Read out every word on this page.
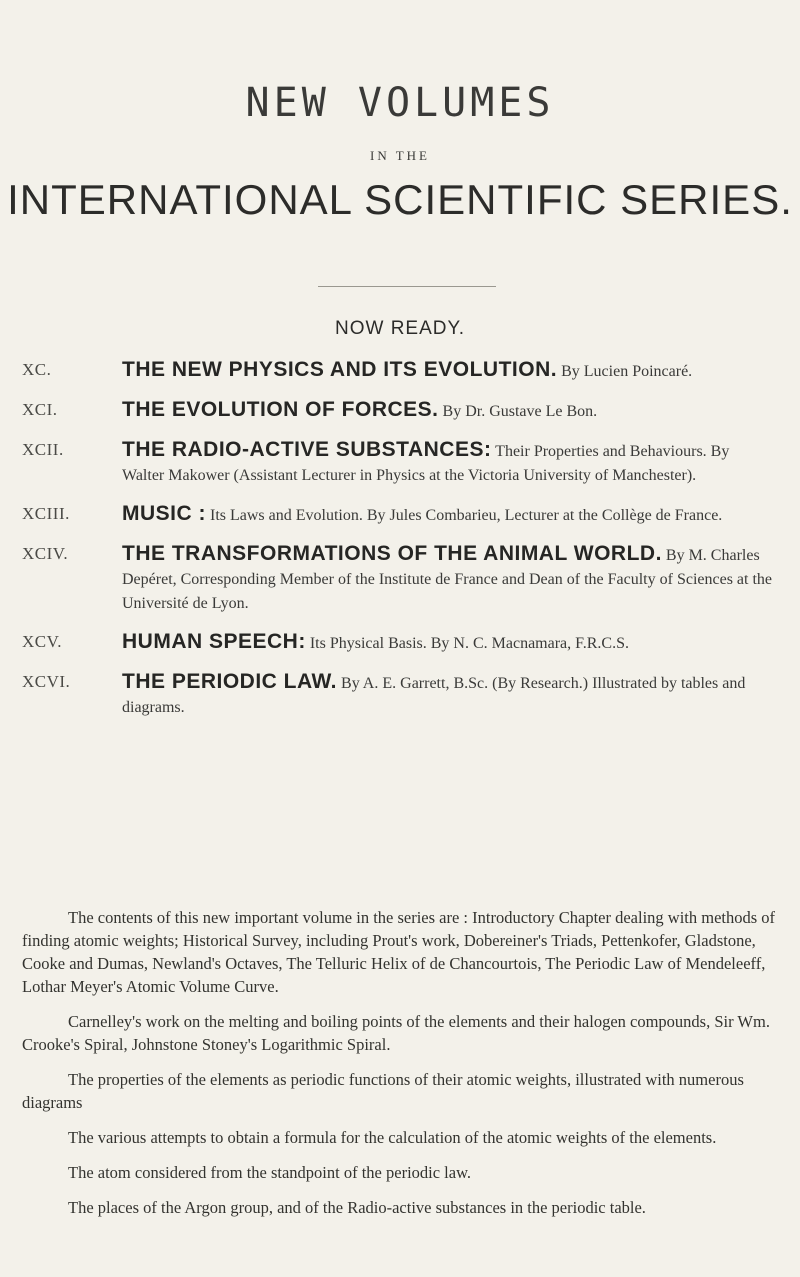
NEW VOLUMES
IN THE
INTERNATIONAL SCIENTIFIC SERIES.
NOW READY.
XC.	THE NEW PHYSICS AND ITS EVOLUTION. By Lucien Poincaré.
XCI.	THE EVOLUTION OF FORCES. By Dr. Gustave Le Bon.
XCII.	THE RADIO-ACTIVE SUBSTANCES: Their Properties and Behaviours. By Walter Makower (Assistant Lecturer in Physics at the Victoria University of Manchester).
XCIII.	MUSIC : Its Laws and Evolution. By Jules Combarieu, Lecturer at the Collège de France.
XCIV.	THE TRANSFORMATIONS OF THE ANIMAL WORLD. By M. Charles Depéret, Corresponding Member of the Institute de France and Dean of the Faculty of Sciences at the Université de Lyon.
XCV.	HUMAN SPEECH: Its Physical Basis. By N. C. Macnamara, F.R.C.S.
XCVI.	THE PERIODIC LAW. By A. E. Garrett, B.Sc. (By Research.) Illustrated by tables and diagrams.

The contents of this new important volume in the series are : Introductory Chapter dealing with methods of finding atomic weights; Historical Survey, including Prout's work, Dobereiner's Triads, Pettenkofer, Gladstone, Cooke and Dumas, Newland's Octaves, The Telluric Helix of de Chancourtois, The Periodic Law of Mendeleeff, Lothar Meyer's Atomic Volume Curve.

Carnelley's work on the melting and boiling points of the elements and their halogen compounds, Sir Wm. Crooke's Spiral, Johnstone Stoney's Logarithmic Spiral.

The properties of the elements as periodic functions of their atomic weights, illustrated with numerous diagrams

The various attempts to obtain a formula for the calculation of the atomic weights of the elements.

The atom considered from the standpoint of the periodic law.

The places of the Argon group, and of the Radio-active substances in the periodic table.
